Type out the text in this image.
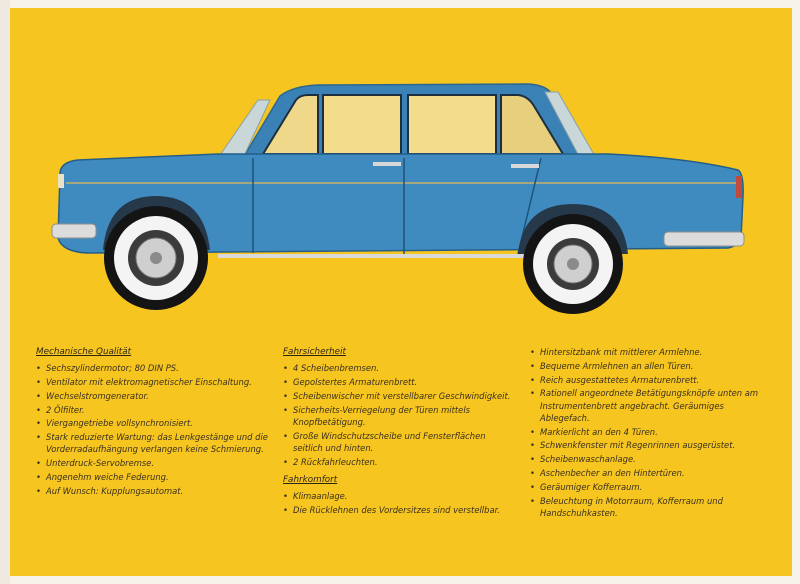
Mechanische Qualität
• Sechszylindermotor; 80 DIN PS.
• Ventilator mit elektromagnetischer Einschaltung.
• Wechselstromgenerator.
• 2 Ölfilter.
• Viergangetriebe vollsynchronisiert.
• Stark reduzierte Wartung: das Lenkgestänge und die Vorderradaufhängung verlangen keine Schmierung.
• Unterdruck-Servobremse.
• Angenehm weiche Federung.
• Auf Wunsch: Kupplungsautomat.
Fahrsicherheit
• 4 Scheibenbremsen.
• Gepolstertes Armaturenbrett.
• Scheibenwischer mit verstellbarer Geschwindigkeit.
• Sicherheits-Verriegelung der Türen mittels Knopfbetätigung.
• Große Windschutzscheibe und Fensterflächen seitlich und hinten.
• 2 Rückfahrleuchten.
Fahrkomfort
• Klimaanlage.
• Die Rücklehnen des Vordersitzes sind verstellbar.
• Hintersitzbank mit mittlerer Armlehne.
• Bequeme Armlehnen an allen Türen.
• Reich ausgestattetes Armaturenbrett.
• Rationell angeordnete Betätigungsknöpfe unten am Instrumentenbrett angebracht. Geräumiges Ablegefach.
• Markierlicht an den 4 Türen.
• Schwenkfenster mit Regenrinnen ausgerüstet.
• Scheibenwaschanlage.
• Aschenbecher an den Hintertüren.
• Geräumiger Kofferraum.
• Beleuchtung in Motorraum, Kofferraum und Handschuhkasten.
